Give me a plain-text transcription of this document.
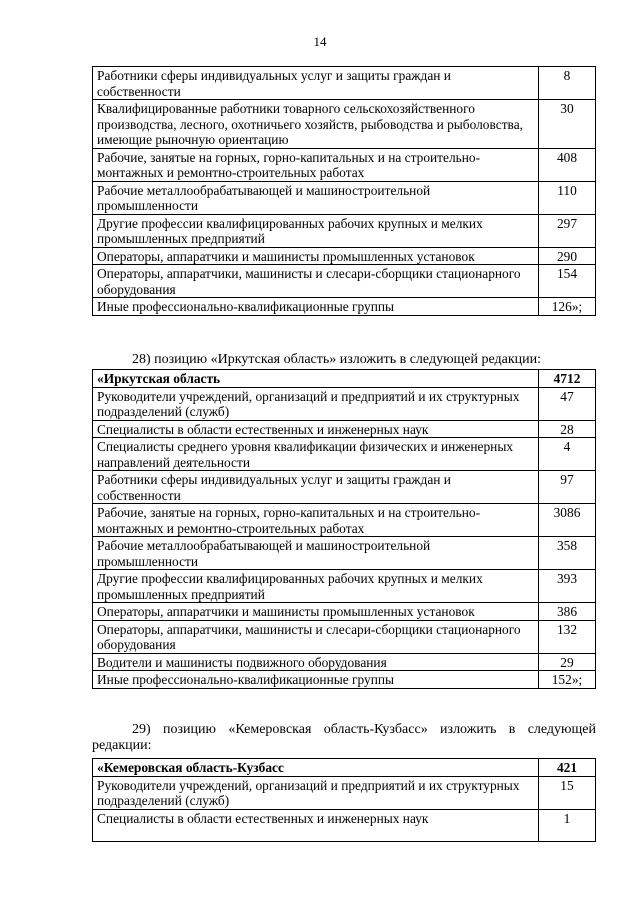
14
Работники сферы индивидуальных услуг и защиты граждан и собственности	8
Квалифицированные работники товарного сельскохозяйственного производства, лесного, охотничьего хозяйств, рыбоводства и рыболовства, имеющие рыночную ориентацию	30
Рабочие, занятые на горных, горно-капитальных и на строительно-монтажных и ремонтно-строительных работах	408
Рабочие металлообрабатывающей и машиностроительной промышленности	110
Другие профессии квалифицированных рабочих крупных и мелких промышленных предприятий	297
Операторы, аппаратчики и машинисты промышленных установок	290
Операторы, аппаратчики, машинисты и слесари-сборщики стационарного оборудования	154
Иные профессионально-квалификационные группы	126»;
28) позицию «Иркутская область» изложить в следующей редакции:
«Иркутская область	4712
Руководители учреждений, организаций и предприятий и их структурных подразделений (служб)	47
Специалисты в области естественных и инженерных наук	28
Специалисты среднего уровня квалификации физических и инженерных направлений деятельности	4
Работники сферы индивидуальных услуг и защиты граждан и собственности	97
Рабочие, занятые на горных, горно-капитальных и на строительно-монтажных и ремонтно-строительных работах	3086
Рабочие металлообрабатывающей и машиностроительной промышленности	358
Другие профессии квалифицированных рабочих крупных и мелких промышленных предприятий	393
Операторы, аппаратчики и машинисты промышленных установок	386
Операторы, аппаратчики, машинисты и слесари-сборщики стационарного оборудования	132
Водители и машинисты подвижного оборудования	29
Иные профессионально-квалификационные группы	152»;
29) позицию «Кемеровская область-Кузбасс» изложить в следующей редакции:
«Кемеровская область-Кузбасс	421
Руководители учреждений, организаций и предприятий и их структурных подразделений (служб)	15
Специалисты в области естественных и инженерных наук	1
